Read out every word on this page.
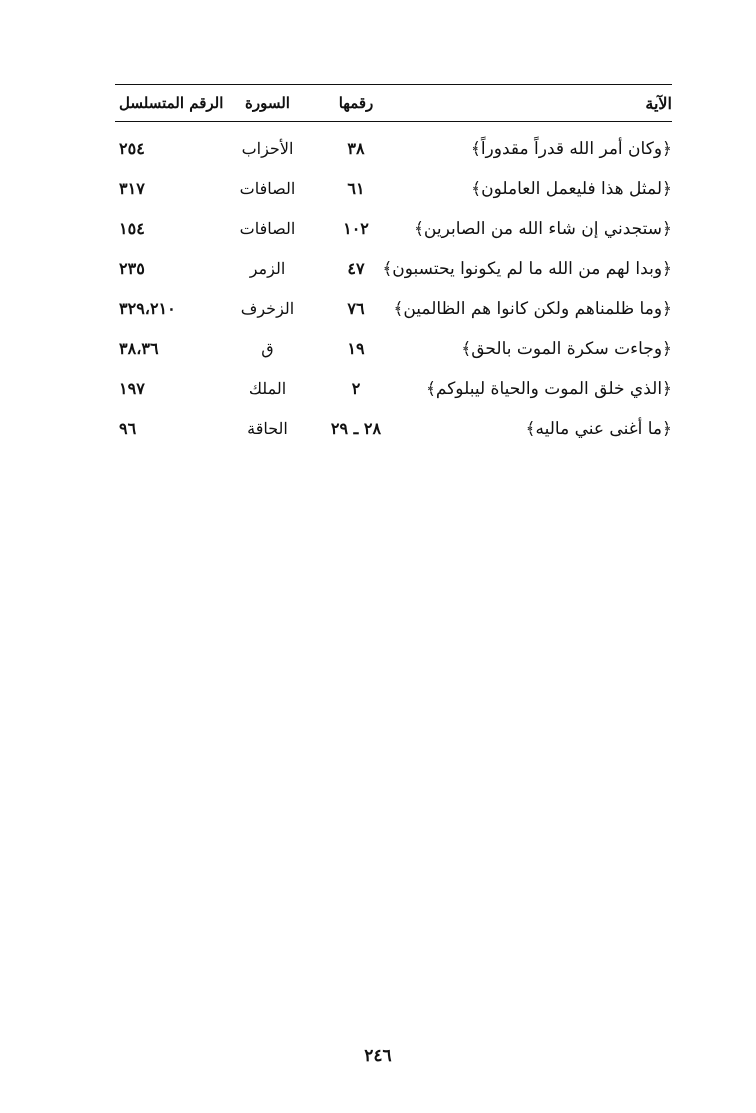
الآية
رقمها
السورة
الرقم المتسلسل
﴿وكان أمر الله قدراً مقدوراً﴾
٣٨
الأحزاب
٢٥٤
﴿لمثل هذا فليعمل العاملون﴾
٦١
الصافات
٣١٧
﴿ستجدني إن شاء الله من الصابرين﴾
١٠٢
الصافات
١٥٤
﴿وبدا لهم من الله ما لم يكونوا يحتسبون﴾
٤٧
الزمر
٢٣٥
﴿وما ظلمناهم ولكن كانوا هم الظالمين﴾
٧٦
الزخرف
٣٢٩،٢١٠
﴿وجاءت سكرة الموت بالحق﴾
١٩
ق
٣٨،٣٦
﴿الذي خلق الموت والحياة ليبلوكم﴾
٢
الملك
١٩٧
﴿ما أغنى عني ماليه﴾
٢٨ ـ ٢٩
الحاقة
٩٦
٢٤٦
